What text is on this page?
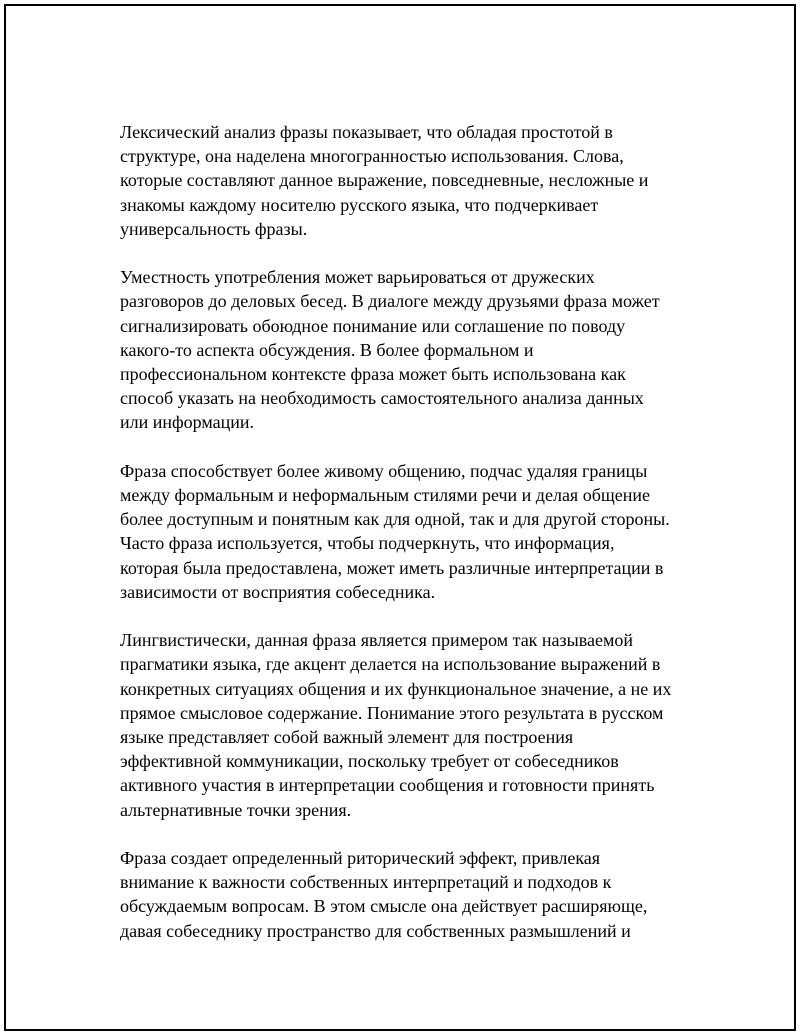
Лексический анализ фразы показывает, что обладая простотой в
структуре, она наделена многогранностью использования. Слова,
которые составляют данное выражение, повседневные, несложные и
знакомы каждому носителю русского языка, что подчеркивает
универсальность фразы.

Уместность употребления может варьироваться от дружеских
разговоров до деловых бесед. В диалоге между друзьями фраза может
сигнализировать обоюдное понимание или соглашение по поводу
какого-то аспекта обсуждения. В более формальном и
профессиональном контексте фраза может быть использована как
способ указать на необходимость самостоятельного анализа данных
или информации.

Фраза способствует более живому общению, подчас удаляя границы
между формальным и неформальным стилями речи и делая общение
более доступным и понятным как для одной, так и для другой стороны.
Часто фраза используется, чтобы подчеркнуть, что информация,
которая была предоставлена, может иметь различные интерпретации в
зависимости от восприятия собеседника.

Лингвистически, данная фраза является примером так называемой
прагматики языка, где акцент делается на использование выражений в
конкретных ситуациях общения и их функциональное значение, а не их
прямое смысловое содержание. Понимание этого результата в русском
языке представляет собой важный элемент для построения
эффективной коммуникации, поскольку требует от собеседников
активного участия в интерпретации сообщения и готовности принять
альтернативные точки зрения.

Фраза создает определенный риторический эффект, привлекая
внимание к важности собственных интерпретаций и подходов к
обсуждаемым вопросам. В этом смысле она действует расширяюще,
давая собеседнику пространство для собственных размышлений и
